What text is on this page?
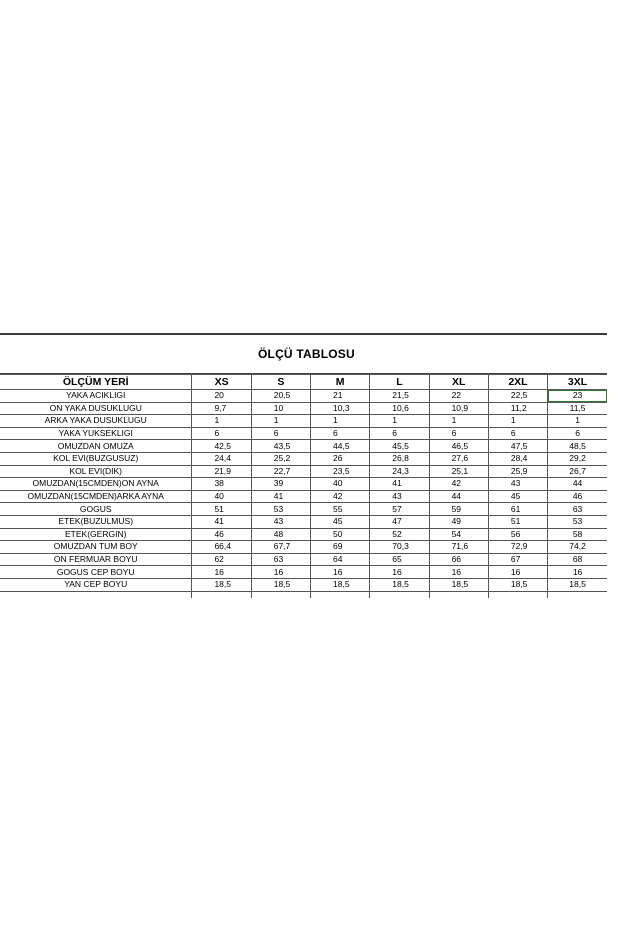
ÖLÇÜ TABLOSU
ÖLÇÜM YERİ	XS	S	M	L	XL	2XL	3XL
YAKA ACIKLIGI	20	20,5	21	21,5	22	22,5	23
ON YAKA DUSUKLUGU	9,7	10	10,3	10,6	10,9	11,2	11,5
ARKA YAKA DUSUKLUGU	1	1	1	1	1	1	1
YAKA YUKSEKLIGI	6	6	6	6	6	6	6
OMUZDAN OMUZA	42,5	43,5	44,5	45,5	46,5	47,5	48,5
KOL EVI(BUZGUSUZ)	24,4	25,2	26	26,8	27,6	28,4	29,2
KOL EVI(DIK)	21,9	22,7	23,5	24,3	25,1	25,9	26,7
OMUZDAN(15CMDEN)ON AYNA	38	39	40	41	42	43	44
OMUZDAN(15CMDEN)ARKA AYNA	40	41	42	43	44	45	46
GOGUS	51	53	55	57	59	61	63
ETEK(BUZULMUS)	41	43	45	47	49	51	53
ETEK(GERGIN)	46	48	50	52	54	56	58
OMUZDAN TUM BOY	66,4	67,7	69	70,3	71,6	72,9	74,2
ON FERMUAR BOYU	62	63	64	65	66	67	68
GOGUS CEP BOYU	16	16	16	16	16	16	16
YAN CEP BOYU	18,5	18,5	18,5	18,5	18,5	18,5	18,5
